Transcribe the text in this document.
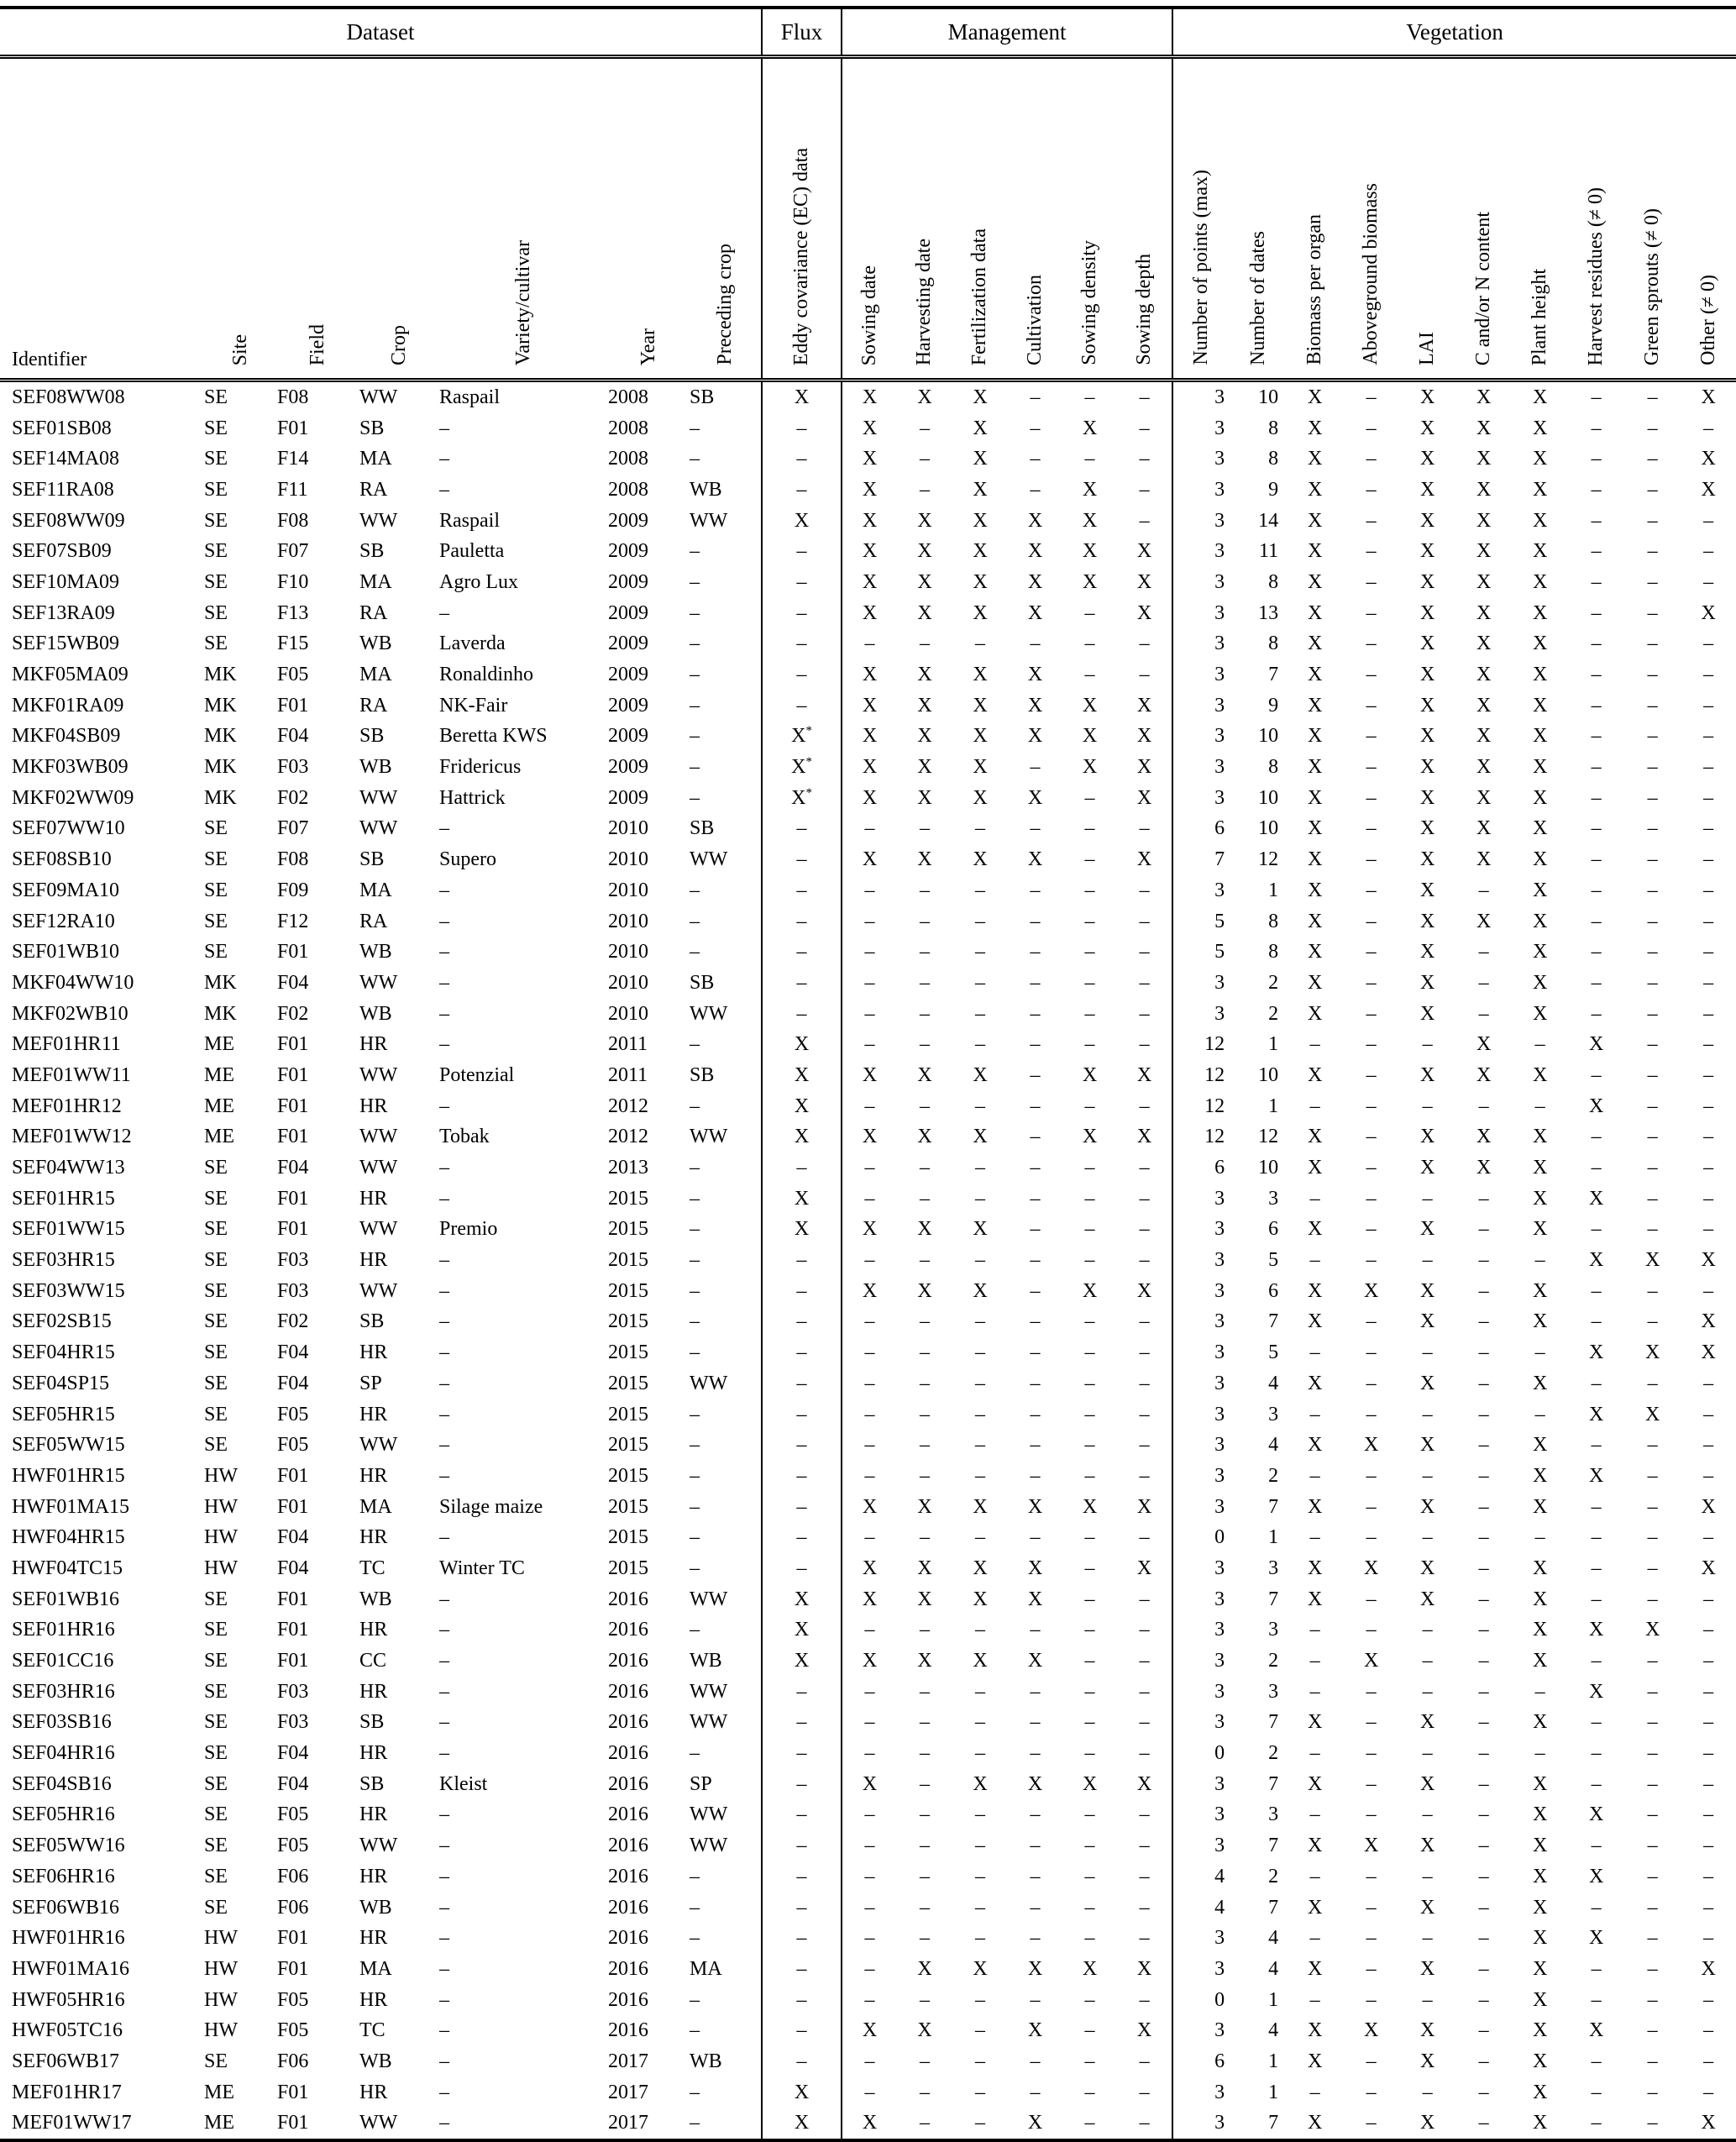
Dataset							Flux	Management						Vegetation									
Identifier	Site	Field	Crop	Variety/cultivar	Year	Preceding crop	Eddy covariance (EC) data	Sowing date	Harvesting date	Fertilization data	Cultivation	Sowing density	Sowing depth	Number of points (max)	Number of dates	Biomass per organ	Aboveground biomass	LAI	C and/or N content	Plant height	Harvest residues (≠ 0)	Green sprouts (≠ 0)	Other (≠ 0)
SEF08WW08	SE	F08	WW	Raspail	2008	SB	X	X	X	X	–	–	–	3	10	X	–	X	X	X	–	–	X
SEF01SB08	SE	F01	SB	–	2008	–	–	X	–	X	–	X	–	3	8	X	–	X	X	X	–	–	–
SEF14MA08	SE	F14	MA	–	2008	–	–	X	–	X	–	–	–	3	8	X	–	X	X	X	–	–	X
SEF11RA08	SE	F11	RA	–	2008	WB	–	X	–	X	–	X	–	3	9	X	–	X	X	X	–	–	X
SEF08WW09	SE	F08	WW	Raspail	2009	WW	X	X	X	X	X	X	–	3	14	X	–	X	X	X	–	–	–
SEF07SB09	SE	F07	SB	Pauletta	2009	–	–	X	X	X	X	X	X	3	11	X	–	X	X	X	–	–	–
SEF10MA09	SE	F10	MA	Agro Lux	2009	–	–	X	X	X	X	X	X	3	8	X	–	X	X	X	–	–	–
SEF13RA09	SE	F13	RA	–	2009	–	–	X	X	X	X	–	X	3	13	X	–	X	X	X	–	–	X
SEF15WB09	SE	F15	WB	Laverda	2009	–	–	–	–	–	–	–	–	3	8	X	–	X	X	X	–	–	–
MKF05MA09	MK	F05	MA	Ronaldinho	2009	–	–	X	X	X	X	–	–	3	7	X	–	X	X	X	–	–	–
MKF01RA09	MK	F01	RA	NK-Fair	2009	–	–	X	X	X	X	X	X	3	9	X	–	X	X	X	–	–	–
MKF04SB09	MK	F04	SB	Beretta KWS	2009	–	X*	X	X	X	X	X	X	3	10	X	–	X	X	X	–	–	–
MKF03WB09	MK	F03	WB	Fridericus	2009	–	X*	X	X	X	–	X	X	3	8	X	–	X	X	X	–	–	–
MKF02WW09	MK	F02	WW	Hattrick	2009	–	X*	X	X	X	X	–	X	3	10	X	–	X	X	X	–	–	–
SEF07WW10	SE	F07	WW	–	2010	SB	–	–	–	–	–	–	–	6	10	X	–	X	X	X	–	–	–
SEF08SB10	SE	F08	SB	Supero	2010	WW	–	X	X	X	X	–	X	7	12	X	–	X	X	X	–	–	–
SEF09MA10	SE	F09	MA	–	2010	–	–	–	–	–	–	–	–	3	1	X	–	X	–	X	–	–	–
SEF12RA10	SE	F12	RA	–	2010	–	–	–	–	–	–	–	–	5	8	X	–	X	X	X	–	–	–
SEF01WB10	SE	F01	WB	–	2010	–	–	–	–	–	–	–	–	5	8	X	–	X	–	X	–	–	–
MKF04WW10	MK	F04	WW	–	2010	SB	–	–	–	–	–	–	–	3	2	X	–	X	–	X	–	–	–
MKF02WB10	MK	F02	WB	–	2010	WW	–	–	–	–	–	–	–	3	2	X	–	X	–	X	–	–	–
MEF01HR11	ME	F01	HR	–	2011	–	X	–	–	–	–	–	–	12	1	–	–	–	X	–	X	–	–
MEF01WW11	ME	F01	WW	Potenzial	2011	SB	X	X	X	X	–	X	X	12	10	X	–	X	X	X	–	–	–
MEF01HR12	ME	F01	HR	–	2012	–	X	–	–	–	–	–	–	12	1	–	–	–	–	–	X	–	–
MEF01WW12	ME	F01	WW	Tobak	2012	WW	X	X	X	X	–	X	X	12	12	X	–	X	X	X	–	–	–
SEF04WW13	SE	F04	WW	–	2013	–	–	–	–	–	–	–	–	6	10	X	–	X	X	X	–	–	–
SEF01HR15	SE	F01	HR	–	2015	–	X	–	–	–	–	–	–	3	3	–	–	–	–	X	X	–	–
SEF01WW15	SE	F01	WW	Premio	2015	–	X	X	X	X	–	–	–	3	6	X	–	X	–	X	–	–	–
SEF03HR15	SE	F03	HR	–	2015	–	–	–	–	–	–	–	–	3	5	–	–	–	–	–	X	X	X
SEF03WW15	SE	F03	WW	–	2015	–	–	X	X	X	–	X	X	3	6	X	X	X	–	X	–	–	–
SEF02SB15	SE	F02	SB	–	2015	–	–	–	–	–	–	–	–	3	7	X	–	X	–	X	–	–	X
SEF04HR15	SE	F04	HR	–	2015	–	–	–	–	–	–	–	–	3	5	–	–	–	–	–	X	X	X
SEF04SP15	SE	F04	SP	–	2015	WW	–	–	–	–	–	–	–	3	4	X	–	X	–	X	–	–	–
SEF05HR15	SE	F05	HR	–	2015	–	–	–	–	–	–	–	–	3	3	–	–	–	–	–	X	X	–
SEF05WW15	SE	F05	WW	–	2015	–	–	–	–	–	–	–	–	3	4	X	X	X	–	X	–	–	–
HWF01HR15	HW	F01	HR	–	2015	–	–	–	–	–	–	–	–	3	2	–	–	–	–	X	X	–	–
HWF01MA15	HW	F01	MA	Silage maize	2015	–	–	X	X	X	X	X	X	3	7	X	–	X	–	X	–	–	X
HWF04HR15	HW	F04	HR	–	2015	–	–	–	–	–	–	–	–	0	1	–	–	–	–	–	–	–	–
HWF04TC15	HW	F04	TC	Winter TC	2015	–	–	X	X	X	X	–	X	3	3	X	X	X	–	X	–	–	X
SEF01WB16	SE	F01	WB	–	2016	WW	X	X	X	X	X	–	–	3	7	X	–	X	–	X	–	–	–
SEF01HR16	SE	F01	HR	–	2016	–	X	–	–	–	–	–	–	3	3	–	–	–	–	X	X	X	–
SEF01CC16	SE	F01	CC	–	2016	WB	X	X	X	X	X	–	–	3	2	–	X	–	–	X	–	–	–
SEF03HR16	SE	F03	HR	–	2016	WW	–	–	–	–	–	–	–	3	3	–	–	–	–	–	X	–	–
SEF03SB16	SE	F03	SB	–	2016	WW	–	–	–	–	–	–	–	3	7	X	–	X	–	X	–	–	–
SEF04HR16	SE	F04	HR	–	2016	–	–	–	–	–	–	–	–	0	2	–	–	–	–	–	–	–	–
SEF04SB16	SE	F04	SB	Kleist	2016	SP	–	X	–	X	X	X	X	3	7	X	–	X	–	X	–	–	–
SEF05HR16	SE	F05	HR	–	2016	WW	–	–	–	–	–	–	–	3	3	–	–	–	–	X	X	–	–
SEF05WW16	SE	F05	WW	–	2016	WW	–	–	–	–	–	–	–	3	7	X	X	X	–	X	–	–	–
SEF06HR16	SE	F06	HR	–	2016	–	–	–	–	–	–	–	–	4	2	–	–	–	–	X	X	–	–
SEF06WB16	SE	F06	WB	–	2016	–	–	–	–	–	–	–	–	4	7	X	–	X	–	X	–	–	–
HWF01HR16	HW	F01	HR	–	2016	–	–	–	–	–	–	–	–	3	4	–	–	–	–	X	X	–	–
HWF01MA16	HW	F01	MA	–	2016	MA	–	–	X	X	X	X	X	3	4	X	–	X	–	X	–	–	X
HWF05HR16	HW	F05	HR	–	2016	–	–	–	–	–	–	–	–	0	1	–	–	–	–	X	–	–	–
HWF05TC16	HW	F05	TC	–	2016	–	–	X	X	–	X	–	X	3	4	X	X	X	–	X	X	–	–
SEF06WB17	SE	F06	WB	–	2017	WB	–	–	–	–	–	–	–	6	1	X	–	X	–	X	–	–	–
MEF01HR17	ME	F01	HR	–	2017	–	X	–	–	–	–	–	–	3	1	–	–	–	–	X	–	–	–
MEF01WW17	ME	F01	WW	–	2017	–	X	X	–	–	X	–	–	3	7	X	–	X	–	X	–	–	X
